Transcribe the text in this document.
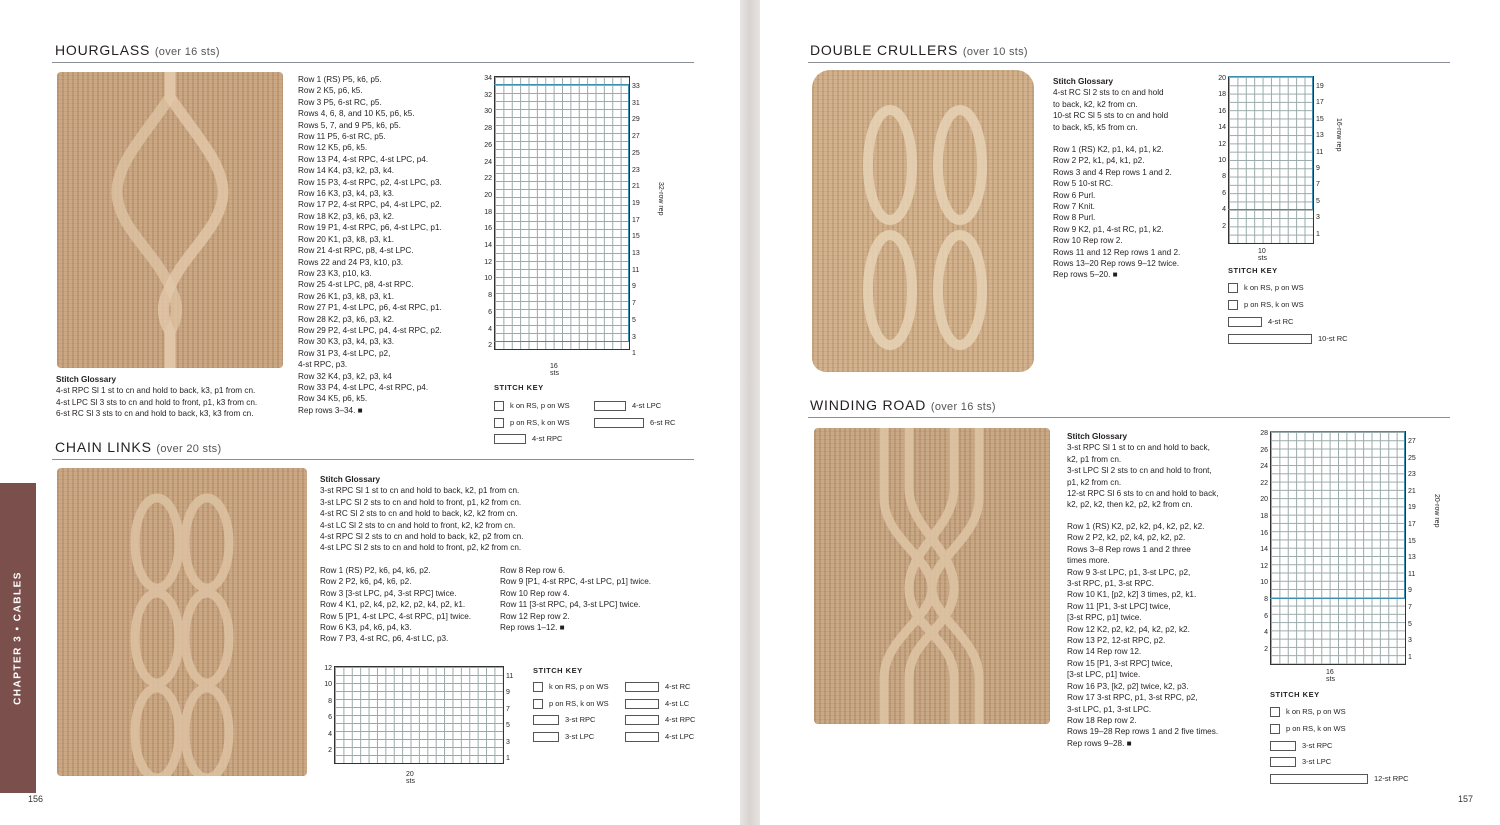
CHAPTER 3 • CABLES
HOURGLASS (over 16 sts)
Row 1 (RS) P5, k6, p5.
Row 2 K5, p6, k5.
Row 3 P5, 6-st RC, p5.
Rows 4, 6, 8, and 10 K5, p6, k5.
Rows 5, 7, and 9 P5, k6, p5.
Row 11 P5, 6-st RC, p5.
Row 12 K5, p6, k5.
Row 13 P4, 4-st RPC, 4-st LPC, p4.
Row 14 K4, p3, k2, p3, k4.
Row 15 P3, 4-st RPC, p2, 4-st LPC, p3.
Row 16 K3, p3, k4, p3, k3.
Row 17 P2, 4-st RPC, p4, 4-st LPC, p2.
Row 18 K2, p3, k6, p3, k2.
Row 19 P1, 4-st RPC, p6, 4-st LPC, p1.
Row 20 K1, p3, k8, p3, k1.
Row 21 4-st RPC, p8, 4-st LPC.
Rows 22 and 24 P3, k10, p3.
Row 23 K3, p10, k3.
Row 25 4-st LPC, p8, 4-st RPC.
Row 26 K1, p3, k8, p3, k1.
Row 27 P1, 4-st LPC, p6, 4-st RPC, p1.
Row 28 K2, p3, k6, p3, k2.
Row 29 P2, 4-st LPC, p4, 4-st RPC, p2.
Row 30 K3, p3, k4, p3, k3.
Row 31 P3, 4-st LPC, p2,
4-st RPC, p3.
Row 32 K4, p3, k2, p3, k4
Row 33 P4, 4-st LPC, 4-st RPC, p4.
Row 34 K5, p6, k5.
Rep rows 3–34. ■
Stitch Glossary
4-st RPC Sl 1 st to cn and hold to back, k3, p1 from cn.
4-st LPC Sl 3 sts to cn and hold to front, p1, k3 from cn.
6-st RC Sl 3 sts to cn and hold to back, k3, k3 from cn.
34
32
30
28
26
24
22
20
18
16
14
12
10
8
6
4
2
33
31
29
27
25
23
21
19
17
15
13
11
9
7
5
3
1
32-row rep
16 sts
STITCH KEY
k on RS, p on WS
p on RS, k on WS
4-st RPC
4-st LPC
6-st RC
CHAIN LINKS (over 20 sts)
Stitch Glossary
3-st RPC Sl 1 st to cn and hold to back, k2, p1 from cn.
3-st LPC Sl 2 sts to cn and hold to front, p1, k2 from cn.
4-st RC Sl 2 sts to cn and hold to back, k2, k2 from cn.
4-st LC Sl 2 sts to cn and hold to front, k2, k2 from cn.
4-st RPC Sl 2 sts to cn and hold to back, k2, p2 from cn.
4-st LPC Sl 2 sts to cn and hold to front, p2, k2 from cn.
Row 1 (RS) P2, k6, p4, k6, p2.
Row 2 P2, k6, p4, k6, p2.
Row 3 [3-st LPC, p4, 3-st RPC] twice.
Row 4 K1, p2, k4, p2, k2, p2, k4, p2, k1.
Row 5 [P1, 4-st LPC, 4-st RPC, p1] twice.
Row 6 K3, p4, k6, p4, k3.
Row 7 P3, 4-st RC, p6, 4-st LC, p3.
Row 8 Rep row 6.
Row 9 [P1, 4-st RPC, 4-st LPC, p1] twice.
Row 10 Rep row 4.
Row 11 [3-st RPC, p4, 3-st LPC] twice.
Row 12 Rep row 2.
Rep rows 1–12. ■
12
10
8
6
4
2
11
9
7
5
3
1
20 sts
STITCH KEY
k on RS, p on WS
p on RS, k on WS
3-st RPC
3-st LPC
4-st RC
4-st LC
4-st RPC
4-st LPC
156
DOUBLE CRULLERS (over 10 sts)
Stitch Glossary
4-st RC Sl 2 sts to cn and hold
to back, k2, k2 from cn.
10-st RC Sl 5 sts to cn and hold
to back, k5, k5 from cn.
Row 1 (RS) K2, p1, k4, p1, k2.
Row 2 P2, k1, p4, k1, p2.
Rows 3 and 4 Rep rows 1 and 2.
Row 5 10-st RC.
Row 6 Purl.
Row 7 Knit.
Row 8 Purl.
Row 9 K2, p1, 4-st RC, p1, k2.
Row 10 Rep row 2.
Rows 11 and 12 Rep rows 1 and 2.
Rows 13–20 Rep rows 9–12 twice.
Rep rows 5–20. ■
20
18
16
14
12
10
8
6
4
2
19
17
15
13
11
9
7
5
3
1
16-row rep
10 sts
STITCH KEY
k on RS, p on WS
p on RS, k on WS
4-st RC
10-st RC
WINDING ROAD (over 16 sts)
Stitch Glossary
3-st RPC Sl 1 st to cn and hold to back,
k2, p1 from cn.
3-st LPC Sl 2 sts to cn and hold to front,
p1, k2 from cn.
12-st RPC Sl 6 sts to cn and hold to back,
k2, p2, k2, then k2, p2, k2 from cn.
Row 1 (RS) K2, p2, k2, p4, k2, p2, k2.
Row 2 P2, k2, p2, k4, p2, k2, p2.
Rows 3–8 Rep rows 1 and 2 three
times more.
Row 9 3-st LPC, p1, 3-st LPC, p2,
3-st RPC, p1, 3-st RPC.
Row 10 K1, [p2, k2] 3 times, p2, k1.
Row 11 [P1, 3-st LPC] twice,
[3-st RPC, p1] twice.
Row 12 K2, p2, k2, p4, k2, p2, k2.
Row 13 P2, 12-st RPC, p2.
Row 14 Rep row 12.
Row 15 [P1, 3-st RPC] twice,
[3-st LPC, p1] twice.
Row 16 P3, [k2, p2] twice, k2, p3.
Row 17 3-st RPC, p1, 3-st RPC, p2,
3-st LPC, p1, 3-st LPC.
Row 18 Rep row 2.
Rows 19–28 Rep rows 1 and 2 five times.
Rep rows 9–28. ■
28
26
24
22
20
18
16
14
12
10
8
6
4
2
27
25
23
21
19
17
15
13
11
9
7
5
3
1
20-row rep
16 sts
STITCH KEY
k on RS, p on WS
p on RS, k on WS
3-st RPC
3-st LPC
12-st RPC
157
